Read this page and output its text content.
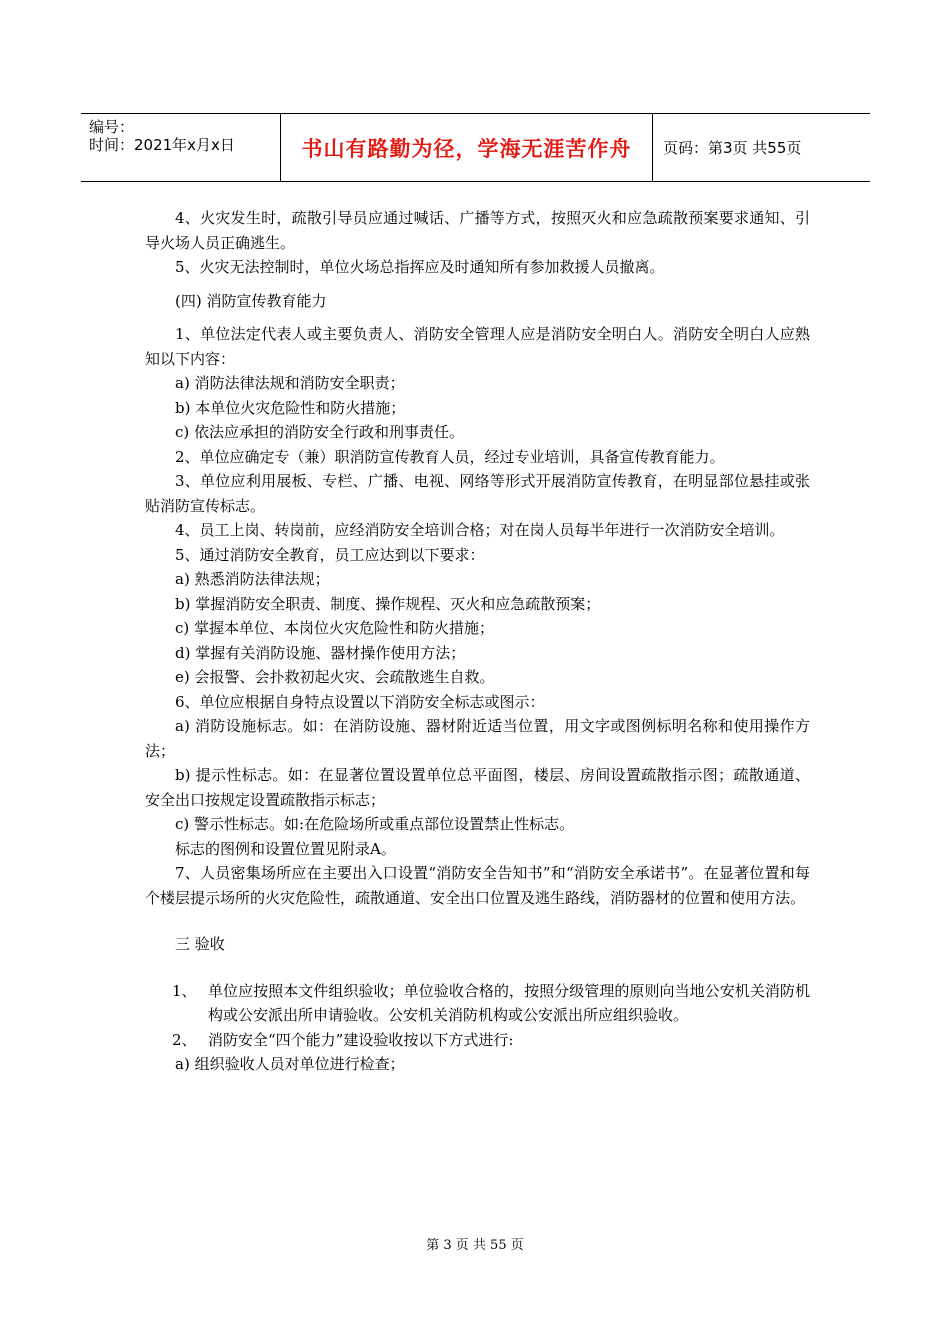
编号：
时间：2021年x月x日	书山有路勤为径，学海无涯苦作舟	页码：第3页 共55页

4、火灾发生时，疏散引导员应通过喊话、广播等方式，按照灭火和应急疏散预案要求通知、引导火场人员正确逃生。

5、火灾无法控制时，单位火场总指挥应及时通知所有参加救援人员撤离。

(四) 消防宣传教育能力

1、单位法定代表人或主要负责人、消防安全管理人应是消防安全明白人。消防安全明白人应熟知以下内容：

a) 消防法律法规和消防安全职责；

b) 本单位火灾危险性和防火措施；

c) 依法应承担的消防安全行政和刑事责任。

2、单位应确定专（兼）职消防宣传教育人员，经过专业培训，具备宣传教育能力。

3、单位应利用展板、专栏、广播、电视、网络等形式开展消防宣传教育，在明显部位悬挂或张贴消防宣传标志。

4、员工上岗、转岗前，应经消防安全培训合格；对在岗人员每半年进行一次消防安全培训。

5、通过消防安全教育，员工应达到以下要求：

a) 熟悉消防法律法规；

b) 掌握消防安全职责、制度、操作规程、灭火和应急疏散预案；

c) 掌握本单位、本岗位火灾危险性和防火措施；

d) 掌握有关消防设施、器材操作使用方法；

e) 会报警、会扑救初起火灾、会疏散逃生自救。

6、单位应根据自身特点设置以下消防安全标志或图示：

a) 消防设施标志。如：在消防设施、器材附近适当位置，用文字或图例标明名称和使用操作方法；

b) 提示性标志。如：在显著位置设置单位总平面图，楼层、房间设置疏散指示图；疏散通道、安全出口按规定设置疏散指示标志；

c) 警示性标志。如:在危险场所或重点部位设置禁止性标志。

标志的图例和设置位置见附录A。

7、人员密集场所应在主要出入口设置“消防安全告知书”和“消防安全承诺书”。在显著位置和每个楼层提示场所的火灾危险性，疏散通道、安全出口位置及逃生路线，消防器材的位置和使用方法。

三 验收

1、 单位应按照本文件组织验收；单位验收合格的，按照分级管理的原则向当地公安机关消防机构或公安派出所申请验收。公安机关消防机构或公安派出所应组织验收。
2、 消防安全“四个能力”建设验收按以下方式进行:

a) 组织验收人员对单位进行检查；

第 3 页 共 55 页
